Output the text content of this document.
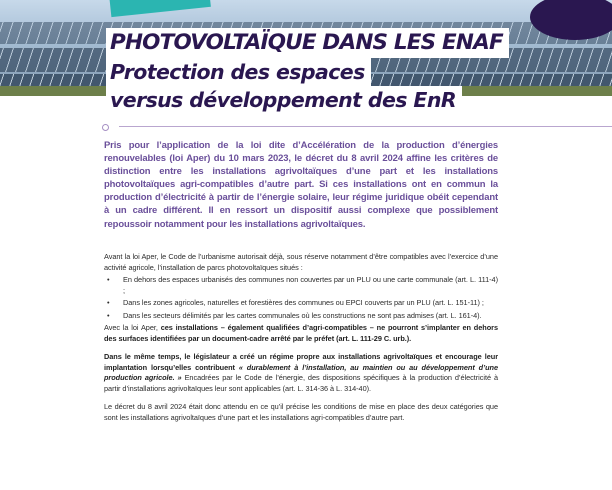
PHOTOVOLTAÏQUE DANS LES ENAF

Protection des espaces

versus développement des EnR
Pris pour l’application de la loi dite d’Accélération de la production d’énergies renouvelables (loi Aper) du 10 mars 2023, le décret du 8 avril 2024 affine les critères de distinction entre les installations agrivoltaïques d’une part et les installations photovoltaïques agri-compatibles d’autre part. Si ces installations ont en commun la production d’électricité à partir de l’énergie solaire, leur régime juridique obéit cependant à un cadre différent. Il en ressort un dispositif aussi complexe que possiblement repoussoir notamment pour les installations agrivoltaïques.

Avant la loi Aper, le Code de l’urbanisme autorisait déjà, sous réserve notamment d’être compatibles avec l’exercice d’une activité agricole, l’installation de parcs photovoltaïques situés :

• En dehors des espaces urbanisés des communes non couvertes par un PLU ou une carte communale (art. L. 111-4) ;
• Dans les zones agricoles, naturelles et forestières des communes ou EPCI couverts par un PLU (art. L. 151-11) ;
• Dans les secteurs délimités par les cartes communales où les constructions ne sont pas admises (art. L. 161-4).

Avec la loi Aper, ces installations – également qualifiées d’agri-compatibles – ne pourront s’implanter en dehors des surfaces identifiées par un document-cadre arrêté par le préfet (art. L. 111-29 C. urb.).

Dans le même temps, le législateur a créé un régime propre aux installations agrivoltaïques et encourage leur implantation lorsqu’elles contribuent « durablement à l’installation, au maintien ou au développement d’une production agricole. » Encadrées par le Code de l’énergie, des dispositions spécifiques à la production d’électricité à partir d’installations agrivoltaïques leur sont applicables (art. L. 314-36 à L. 314-40).

Le décret du 8 avril 2024 était donc attendu en ce qu’il précise les conditions de mise en place des deux catégories que sont les installations agrivoltaïques d’une part et les installations agri-compatibles d’autre part.
